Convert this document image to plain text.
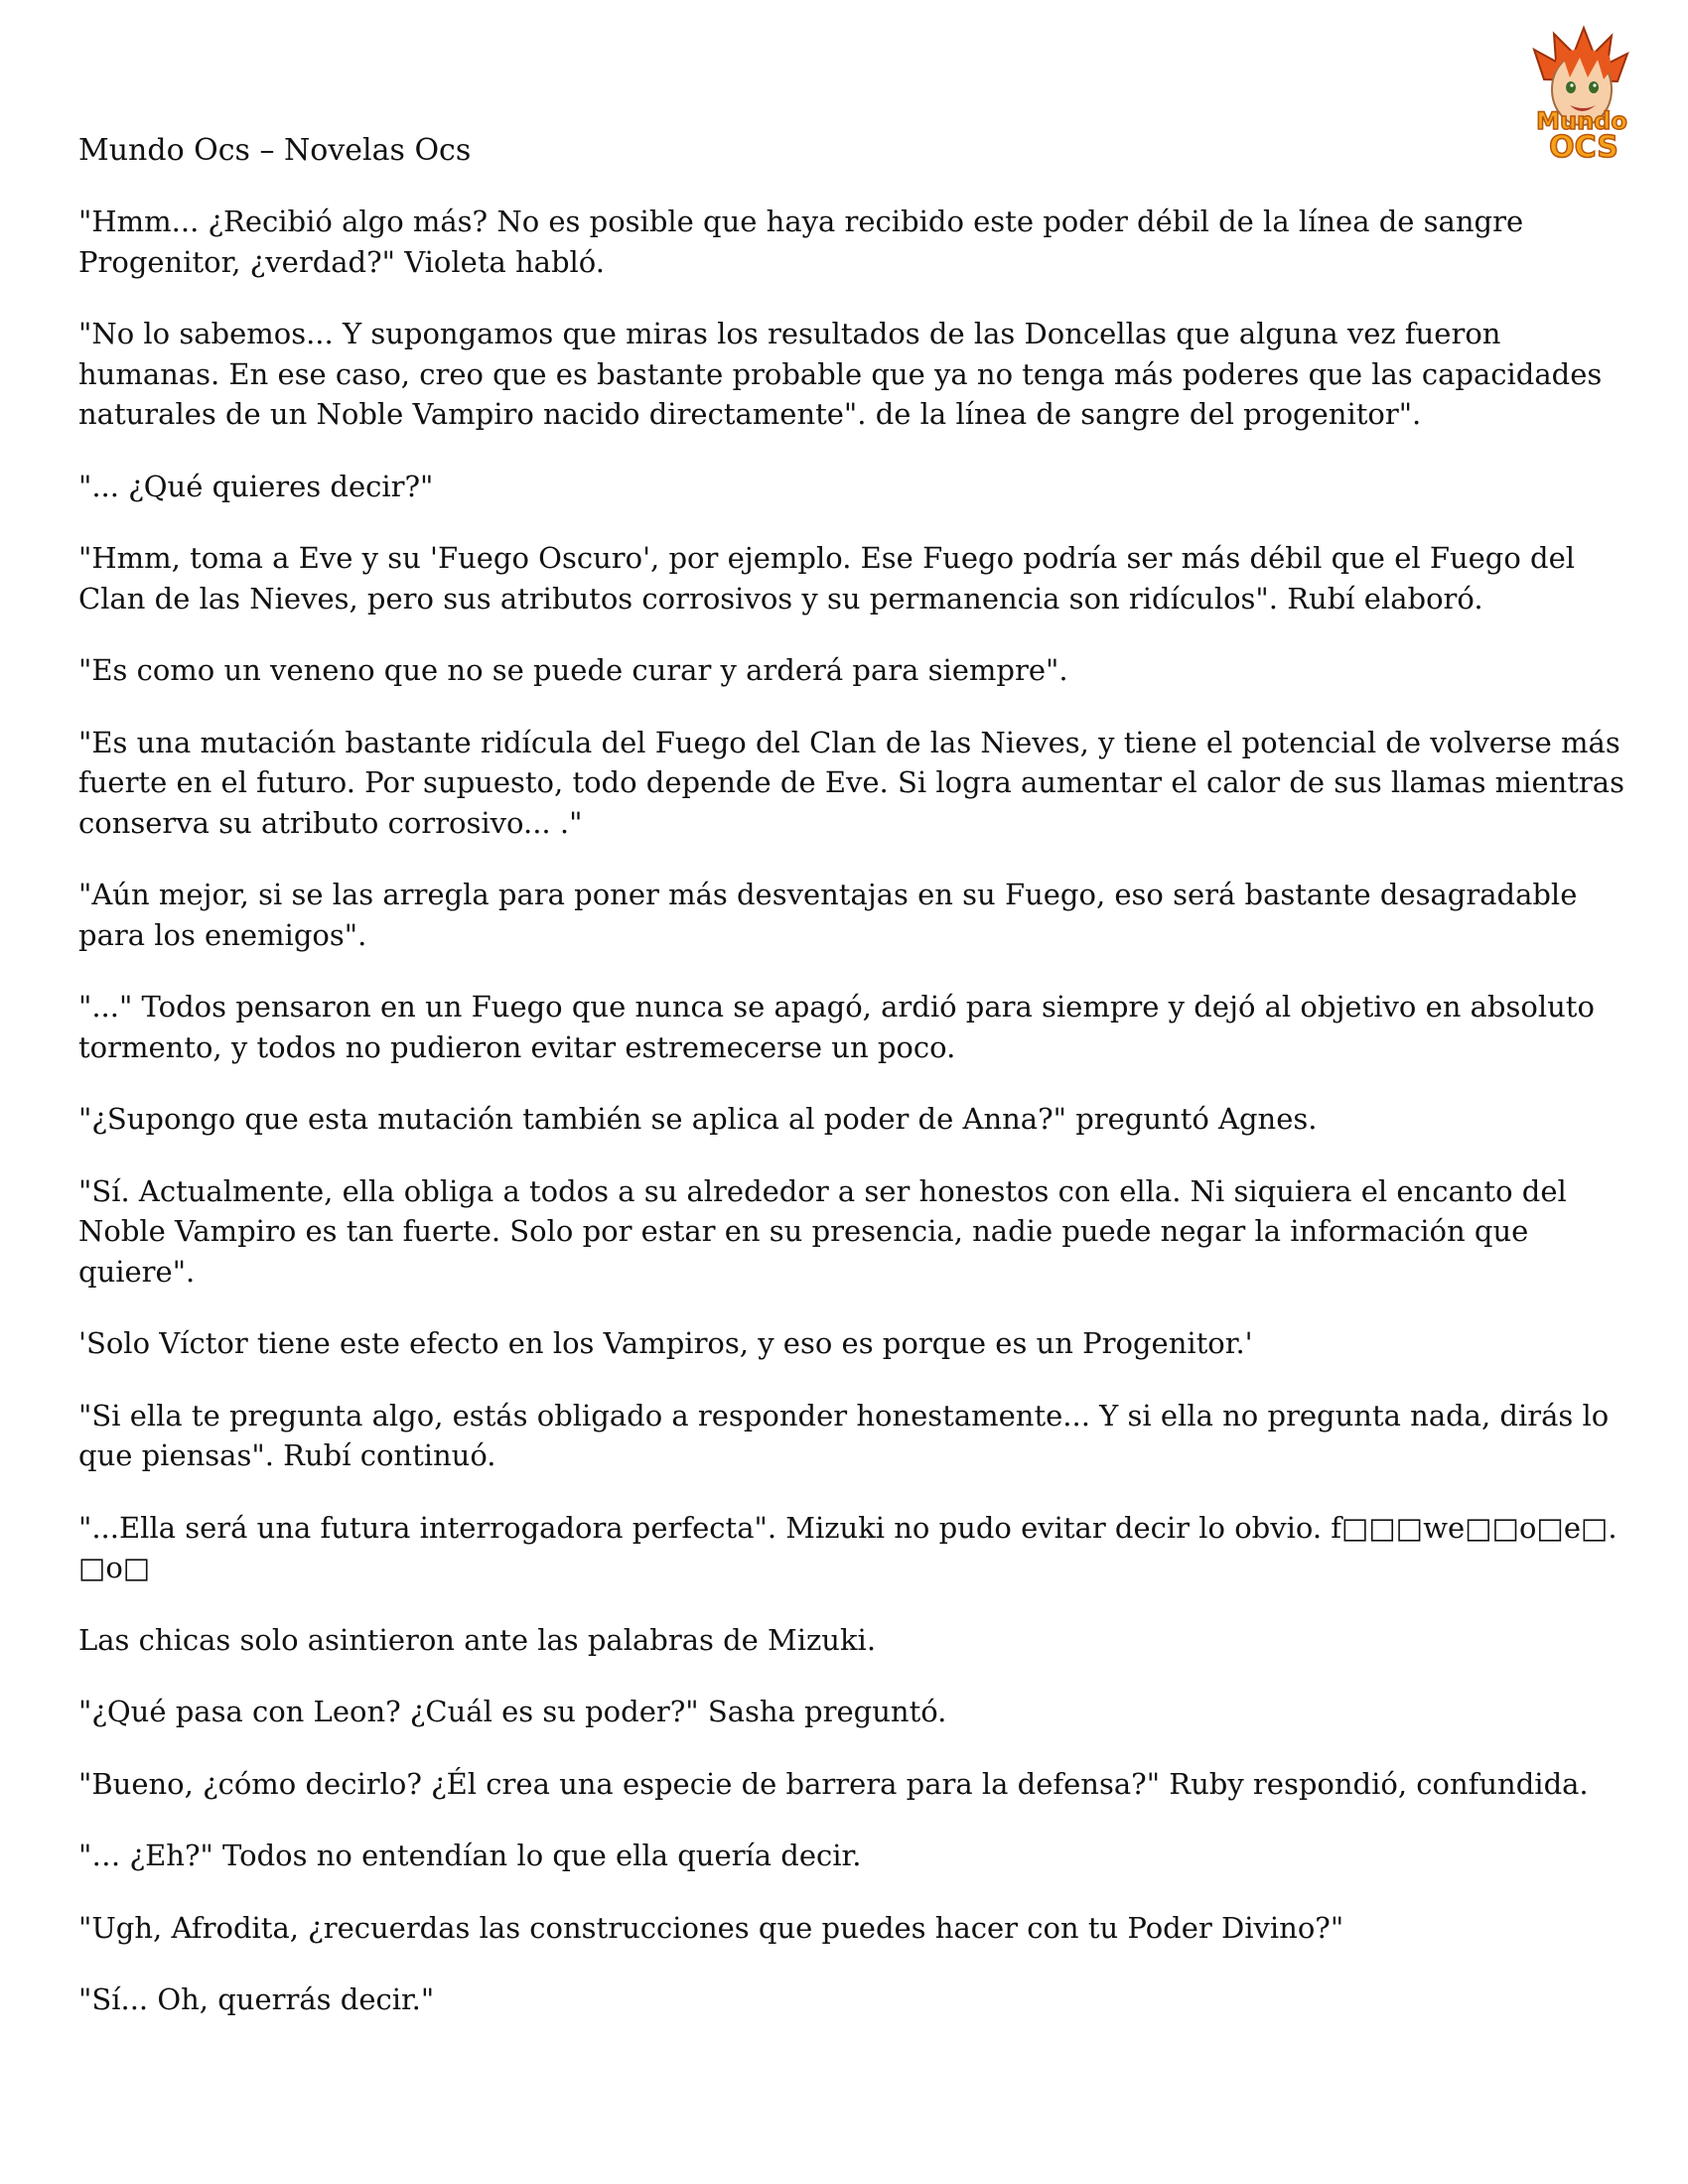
Mundo Ocs – Novelas Ocs
Mundo
OCS

"Hmm... ¿Recibió algo más? No es posible que haya recibido este poder débil de la línea de sangre Progenitor, ¿verdad?" Violeta habló.

"No lo sabemos... Y supongamos que miras los resultados de las Doncellas que alguna vez fueron humanas. En ese caso, creo que es bastante probable que ya no tenga más poderes que las capacidades naturales de un Noble Vampiro nacido directamente". de la línea de sangre del progenitor".

"... ¿Qué quieres decir?"

"Hmm, toma a Eve y su 'Fuego Oscuro', por ejemplo. Ese Fuego podría ser más débil que el Fuego del Clan de las Nieves, pero sus atributos corrosivos y su permanencia son ridículos". Rubí elaboró.

"Es como un veneno que no se puede curar y arderá para siempre".

"Es una mutación bastante ridícula del Fuego del Clan de las Nieves, y tiene el potencial de volverse más fuerte en el futuro. Por supuesto, todo depende de Eve. Si logra aumentar el calor de sus llamas mientras conserva su atributo corrosivo... ."

"Aún mejor, si se las arregla para poner más desventajas en su Fuego, eso será bastante desagradable para los enemigos".

"..." Todos pensaron en un Fuego que nunca se apagó, ardió para siempre y dejó al objetivo en absoluto tormento, y todos no pudieron evitar estremecerse un poco.

"¿Supongo que esta mutación también se aplica al poder de Anna?" preguntó Agnes.

"Sí. Actualmente, ella obliga a todos a su alrededor a ser honestos con ella. Ni siquiera el encanto del Noble Vampiro es tan fuerte. Solo por estar en su presencia, nadie puede negar la información que quiere".

'Solo Víctor tiene este efecto en los Vampiros, y eso es porque es un Progenitor.'

"Si ella te pregunta algo, estás obligado a responder honestamente... Y si ella no pregunta nada, dirás lo que piensas". Rubí continuó.

"...Ella será una futura interrogadora perfecta". Mizuki no pudo evitar decir lo obvio. f□□□we□□o□e□. □o□

Las chicas solo asintieron ante las palabras de Mizuki.

"¿Qué pasa con Leon? ¿Cuál es su poder?" Sasha preguntó.

"Bueno, ¿cómo decirlo? ¿Él crea una especie de barrera para la defensa?" Ruby respondió, confundida.

"… ¿Eh?" Todos no entendían lo que ella quería decir.

"Ugh, Afrodita, ¿recuerdas las construcciones que puedes hacer con tu Poder Divino?"

"Sí... Oh, querrás decir."
